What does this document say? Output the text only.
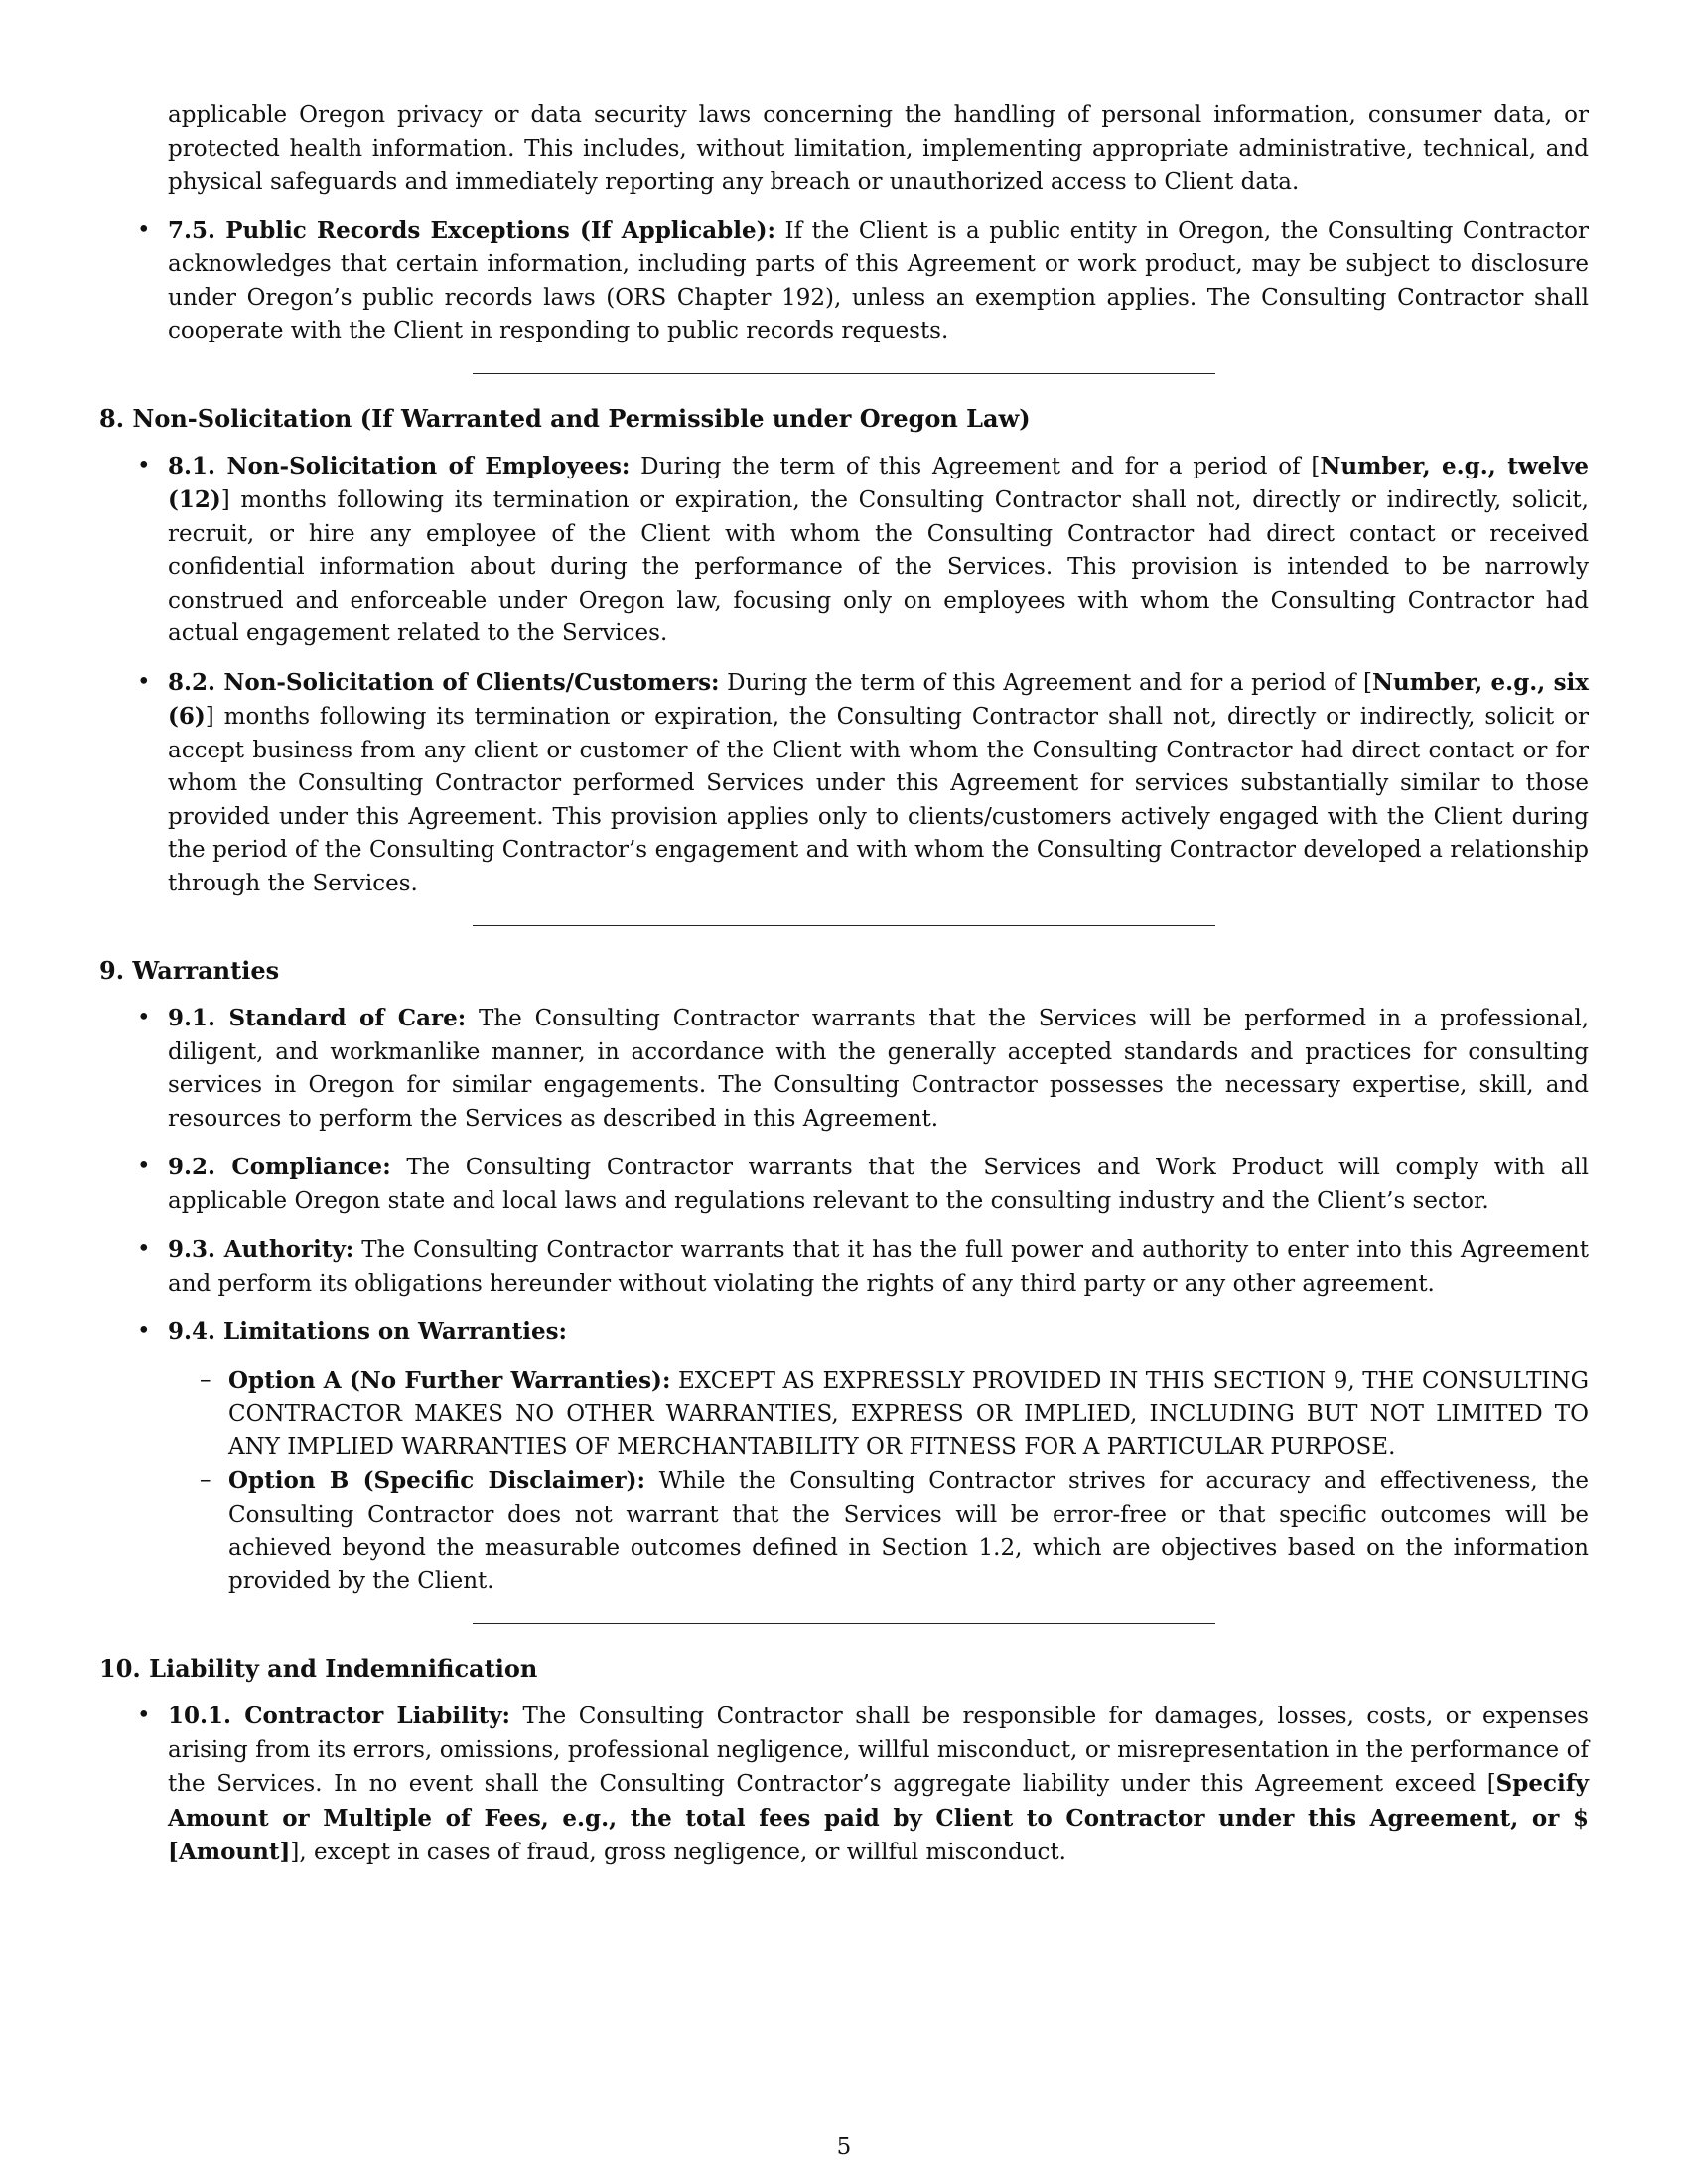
applicable Oregon privacy or data security laws concerning the handling of personal information, consumer data, or protected health information. This includes, without limitation, implementing appropriate administrative, technical, and physical safeguards and immediately reporting any breach or unauthorized access to Client data.

• 7.5. Public Records Exceptions (If Applicable): If the Client is a public entity in Oregon, the Consulting Contractor acknowledges that certain information, including parts of this Agreement or work product, may be subject to disclosure under Oregon’s public records laws (ORS Chapter 192), unless an exemption applies. The Consulting Contractor shall cooperate with the Client in responding to public records requests.
8. Non-Solicitation (If Warranted and Permissible under Oregon Law)
• 8.1. Non-Solicitation of Employees: During the term of this Agreement and for a period of [Number, e.g., twelve (12)] months following its termination or expiration, the Consulting Contractor shall not, directly or indirectly, solicit, recruit, or hire any employee of the Client with whom the Consulting Contractor had direct contact or received confidential information about during the performance of the Services. This provision is intended to be narrowly construed and enforceable under Oregon law, focusing only on employees with whom the Consulting Contractor had actual engagement related to the Services.
• 8.2. Non-Solicitation of Clients/Customers: During the term of this Agreement and for a period of [Number, e.g., six (6)] months following its termination or expiration, the Consulting Contractor shall not, directly or indirectly, solicit or accept business from any client or customer of the Client with whom the Consulting Contractor had direct contact or for whom the Consulting Contractor performed Services under this Agreement for services substantially similar to those provided under this Agreement. This provision applies only to clients/customers actively engaged with the Client during the period of the Consulting Contractor’s engagement and with whom the Consulting Contractor developed a relationship through the Services.
9. Warranties
• 9.1. Standard of Care: The Consulting Contractor warrants that the Services will be performed in a professional, diligent, and workmanlike manner, in accordance with the generally accepted standards and practices for consulting services in Oregon for similar engagements. The Consulting Contractor possesses the necessary expertise, skill, and resources to perform the Services as described in this Agreement.
• 9.2. Compliance: The Consulting Contractor warrants that the Services and Work Product will comply with all applicable Oregon state and local laws and regulations relevant to the consulting industry and the Client’s sector.
• 9.3. Authority: The Consulting Contractor warrants that it has the full power and authority to enter into this Agreement and perform its obligations hereunder without violating the rights of any third party or any other agreement.
• 9.4. Limitations on Warranties:
– Option A (No Further Warranties): EXCEPT AS EXPRESSLY PROVIDED IN THIS SECTION 9, THE CONSULTING CONTRACTOR MAKES NO OTHER WARRANTIES, EXPRESS OR IMPLIED, INCLUDING BUT NOT LIMITED TO ANY IMPLIED WARRANTIES OF MERCHANTABILITY OR FITNESS FOR A PARTICULAR PURPOSE.
– Option B (Specific Disclaimer): While the Consulting Contractor strives for accuracy and effectiveness, the Consulting Contractor does not warrant that the Services will be error-free or that specific outcomes will be achieved beyond the measurable outcomes defined in Section 1.2, which are objectives based on the information provided by the Client.
10. Liability and Indemnification
• 10.1. Contractor Liability: The Consulting Contractor shall be responsible for damages, losses, costs, or expenses arising from its errors, omissions, professional negligence, willful misconduct, or misrepresentation in the performance of the Services. In no event shall the Consulting Contractor’s aggregate liability under this Agreement exceed [Specify Amount or Multiple of Fees, e.g., the total fees paid by Client to Contractor under this Agreement, or $ [Amount]], except in cases of fraud, gross negligence, or willful misconduct.
5
